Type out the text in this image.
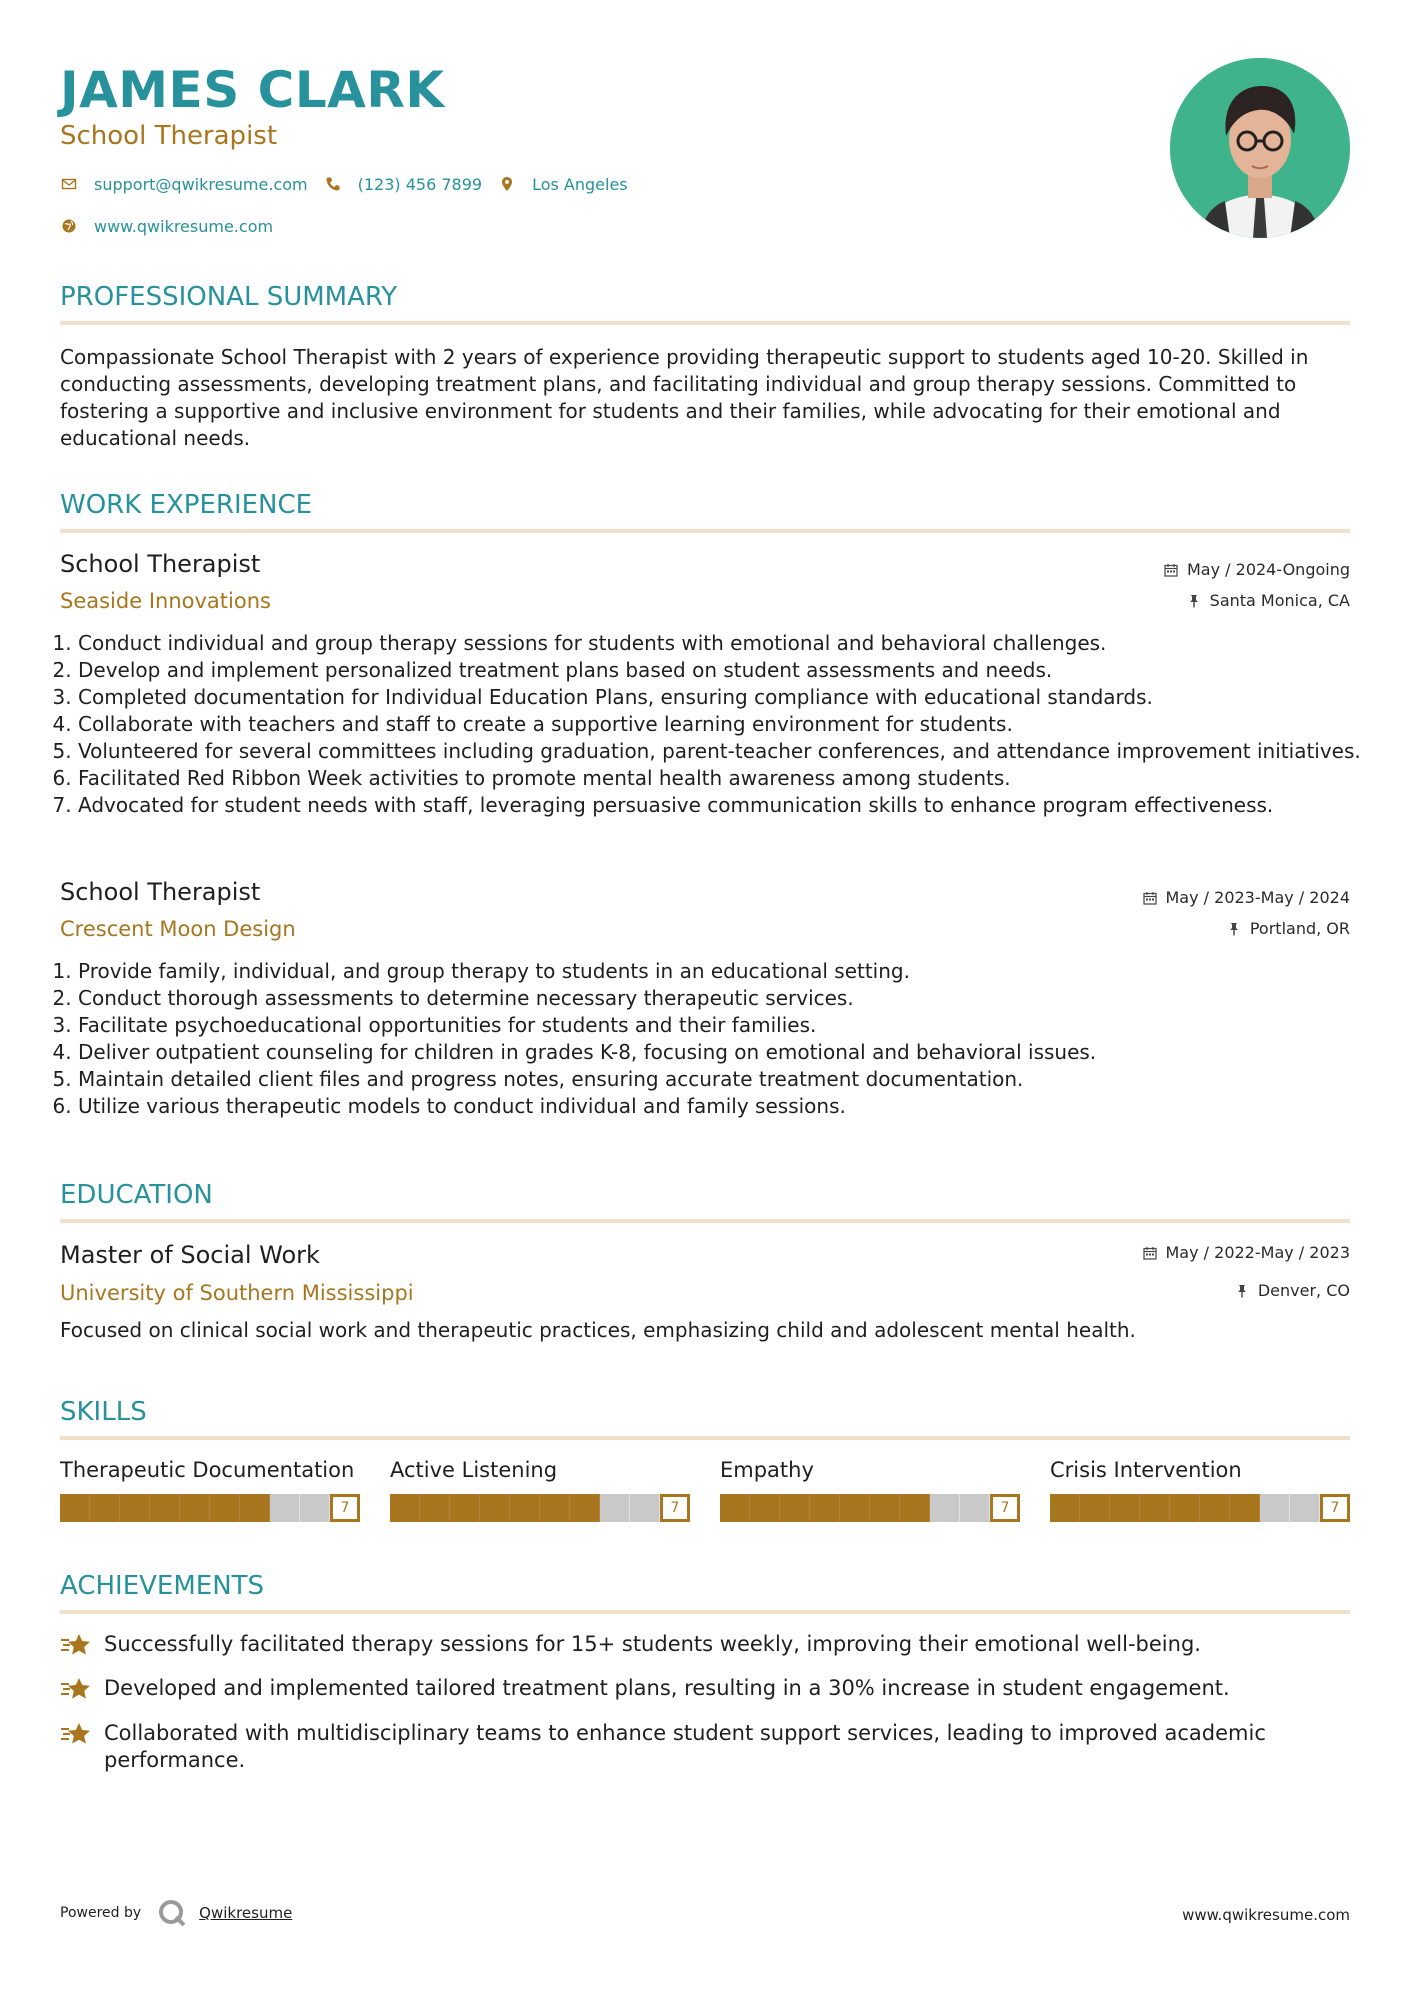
JAMES CLARK
School Therapist
support@qwikresume.com	(123) 456 7899	Los Angeles
www.qwikresume.com
PROFESSIONAL SUMMARY
Compassionate School Therapist with 2 years of experience providing therapeutic support to students aged 10-20. Skilled in conducting assessments, developing treatment plans, and facilitating individual and group therapy sessions. Committed to fostering a supportive and inclusive environment for students and their families, while advocating for their emotional and educational needs.
WORK EXPERIENCE
School Therapist
Seaside Innovations
May / 2024-Ongoing
Santa Monica, CA
1. Conduct individual and group therapy sessions for students with emotional and behavioral challenges.
2. Develop and implement personalized treatment plans based on student assessments and needs.
3. Completed documentation for Individual Education Plans, ensuring compliance with educational standards.
4. Collaborate with teachers and staff to create a supportive learning environment for students.
5. Volunteered for several committees including graduation, parent-teacher conferences, and attendance improvement initiatives.
6. Facilitated Red Ribbon Week activities to promote mental health awareness among students.
7. Advocated for student needs with staff, leveraging persuasive communication skills to enhance program effectiveness.
School Therapist
Crescent Moon Design
May / 2023-May / 2024
Portland, OR
1. Provide family, individual, and group therapy to students in an educational setting.
2. Conduct thorough assessments to determine necessary therapeutic services.
3. Facilitate psychoeducational opportunities for students and their families.
4. Deliver outpatient counseling for children in grades K-8, focusing on emotional and behavioral issues.
5. Maintain detailed client files and progress notes, ensuring accurate treatment documentation.
6. Utilize various therapeutic models to conduct individual and family sessions.
EDUCATION
Master of Social Work
University of Southern Mississippi
May / 2022-May / 2023
Denver, CO
Focused on clinical social work and therapeutic practices, emphasizing child and adolescent mental health.
SKILLS
Therapeutic Documentation
7
Active Listening
7
Empathy
7
Crisis Intervention
7
ACHIEVEMENTS
Successfully facilitated therapy sessions for 15+ students weekly, improving their emotional well-being.
Developed and implemented tailored treatment plans, resulting in a 30% increase in student engagement.
Collaborated with multidisciplinary teams to enhance student support services, leading to improved academic performance.
Powered by	Qwikresume	www.qwikresume.com
